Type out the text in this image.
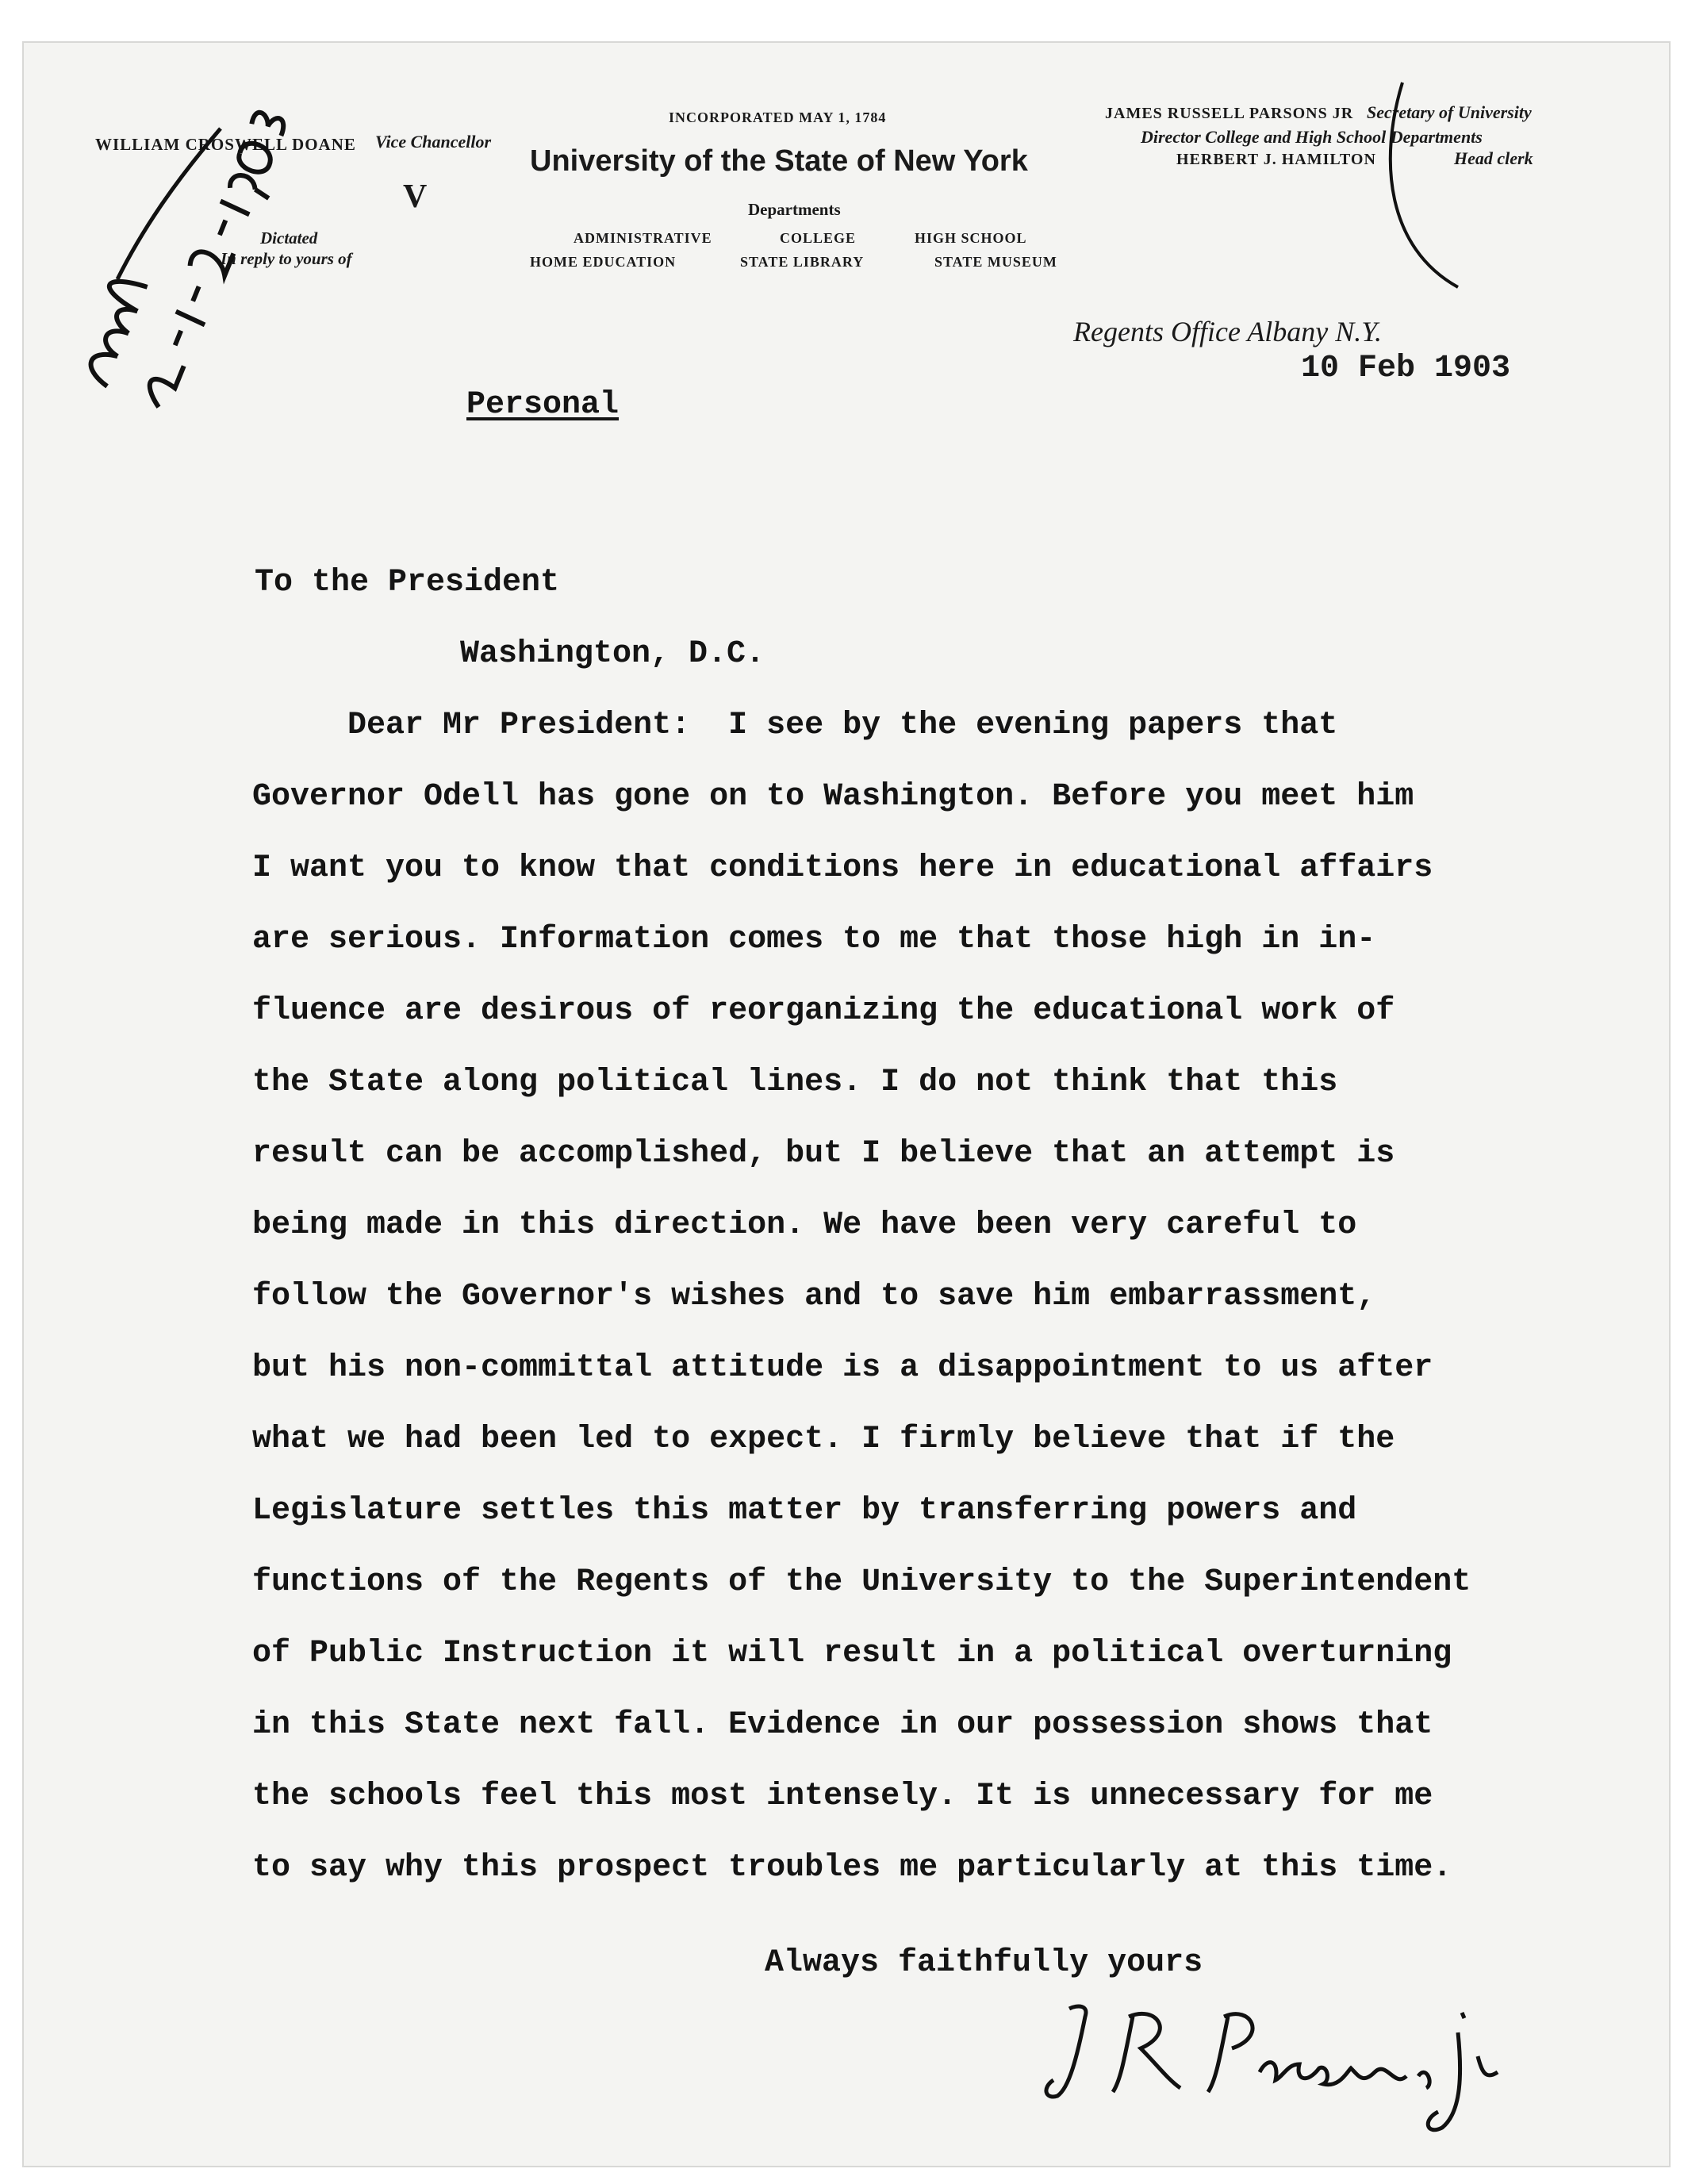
WILLIAM CROSWELL DOANE Vice Chancellor
V
Dictated
In reply to yours of
INCORPORATED MAY 1, 1784
University of the State of New York
Departments
ADMINISTRATIVE	COLLEGE	HIGH SCHOOL
HOME EDUCATION	STATE LIBRARY	STATE MUSEUM
JAMES RUSSELL PARSONS JR Secretary of University
Director College and High School Departments
HERBERT J. HAMILTON	Head clerk
Regents Office Albany N.Y.
10 Feb 1903
Personal
To the President
Washington, D.C.
Dear Mr President:  I see by the evening papers that
Governor Odell has gone on to Washington. Before you meet him
I want you to know that conditions here in educational affairs
are serious. Information comes to me that those high in in-
fluence are desirous of reorganizing the educational work of
the State along political lines. I do not think that this
result can be accomplished, but I believe that an attempt is
being made in this direction. We have been very careful to
follow the Governor's wishes and to save him embarrassment,
but his non-committal attitude is a disappointment to us after
what we had been led to expect. I firmly believe that if the
Legislature settles this matter by transferring powers and
functions of the Regents of the University to the Superintendent
of Public Instruction it will result in a political overturning
in this State next fall. Evidence in our possession shows that
the schools feel this most intensely. It is unnecessary for me
to say why this prospect troubles me particularly at this time.
Always faithfully yours
